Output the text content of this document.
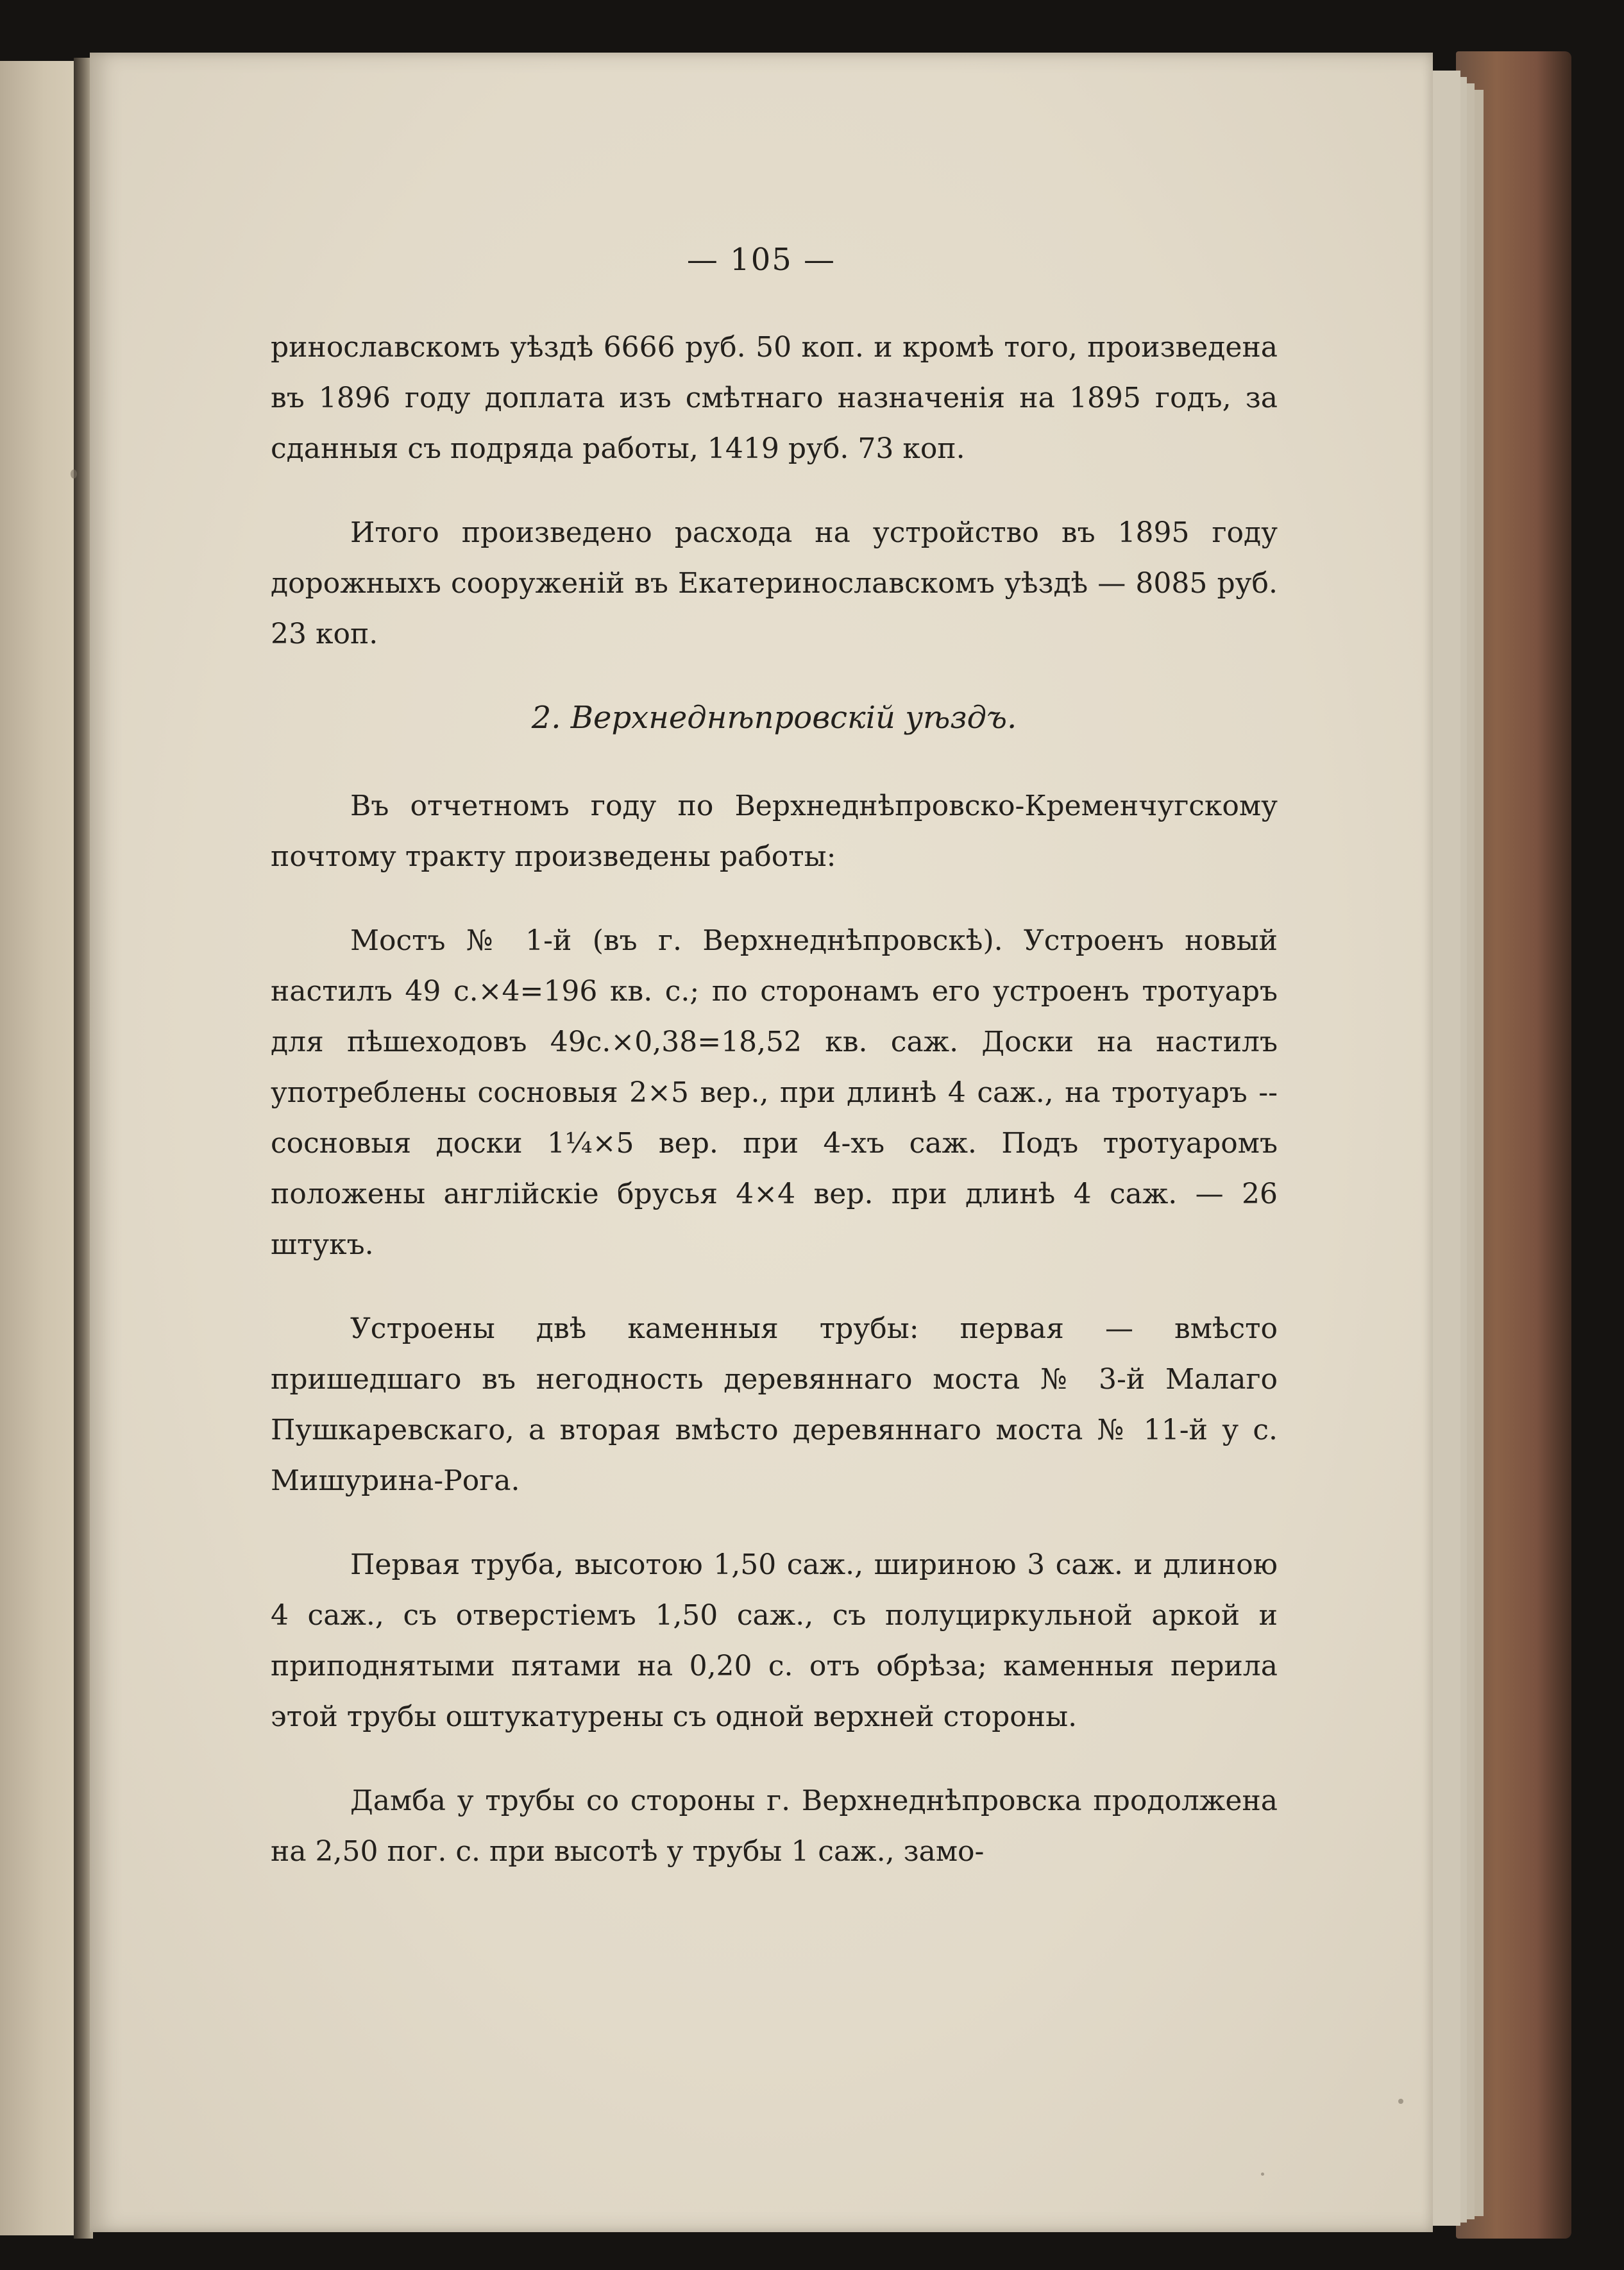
— 105 —

ринославскомъ уѣздѣ 6666 руб. 50 коп. и кромѣ того, произведена въ 1896 году доплата изъ смѣтнаго назначенія на 1895 годъ, за сданныя съ подряда работы, 1419 руб. 73 коп.

Итого произведено расхода на устройство въ 1895 году дорожныхъ сооруженій въ Екатеринославскомъ уѣздѣ — 8085 руб. 23 коп.

2. Верхнеднѣпровскій уѣздъ.

Въ отчетномъ году по Верхнеднѣпровско-Кременчугскому почтому тракту произведены работы:

Мостъ № 1-й (въ г. Верхнеднѣпровскѣ). Устроенъ новый настилъ 49 с.×4=196 кв. с.; по сторонамъ его устроенъ тротуаръ для пѣшеходовъ 49с.×0,38=18,52 кв. саж. Доски на настилъ употреблены сосновыя 2×5 вер., при длинѣ 4 саж., на тротуаръ -- сосновыя доски 1¼×5 вер. при 4-хъ саж. Подъ тротуаромъ положены англійскіе брусья 4×4 вер. при длинѣ 4 саж. — 26 штукъ.

Устроены двѣ каменныя трубы: первая — вмѣсто пришедшаго въ негодность деревяннаго моста № 3-й Малаго Пушкаревскаго, а вторая вмѣсто деревяннаго моста № 11-й у с. Мишурина-Рога.

Первая труба, высотою 1,50 саж., шириною 3 саж. и длиною 4 саж., съ отверстіемъ 1,50 саж., съ полуциркульной аркой и приподнятыми пятами на 0,20 с. отъ обрѣза; каменныя перила этой трубы оштукатурены съ одной верхней стороны.

Дамба у трубы со стороны г. Верхнеднѣпровска продолжена на 2,50 пог. с. при высотѣ у трубы 1 саж., замо-
